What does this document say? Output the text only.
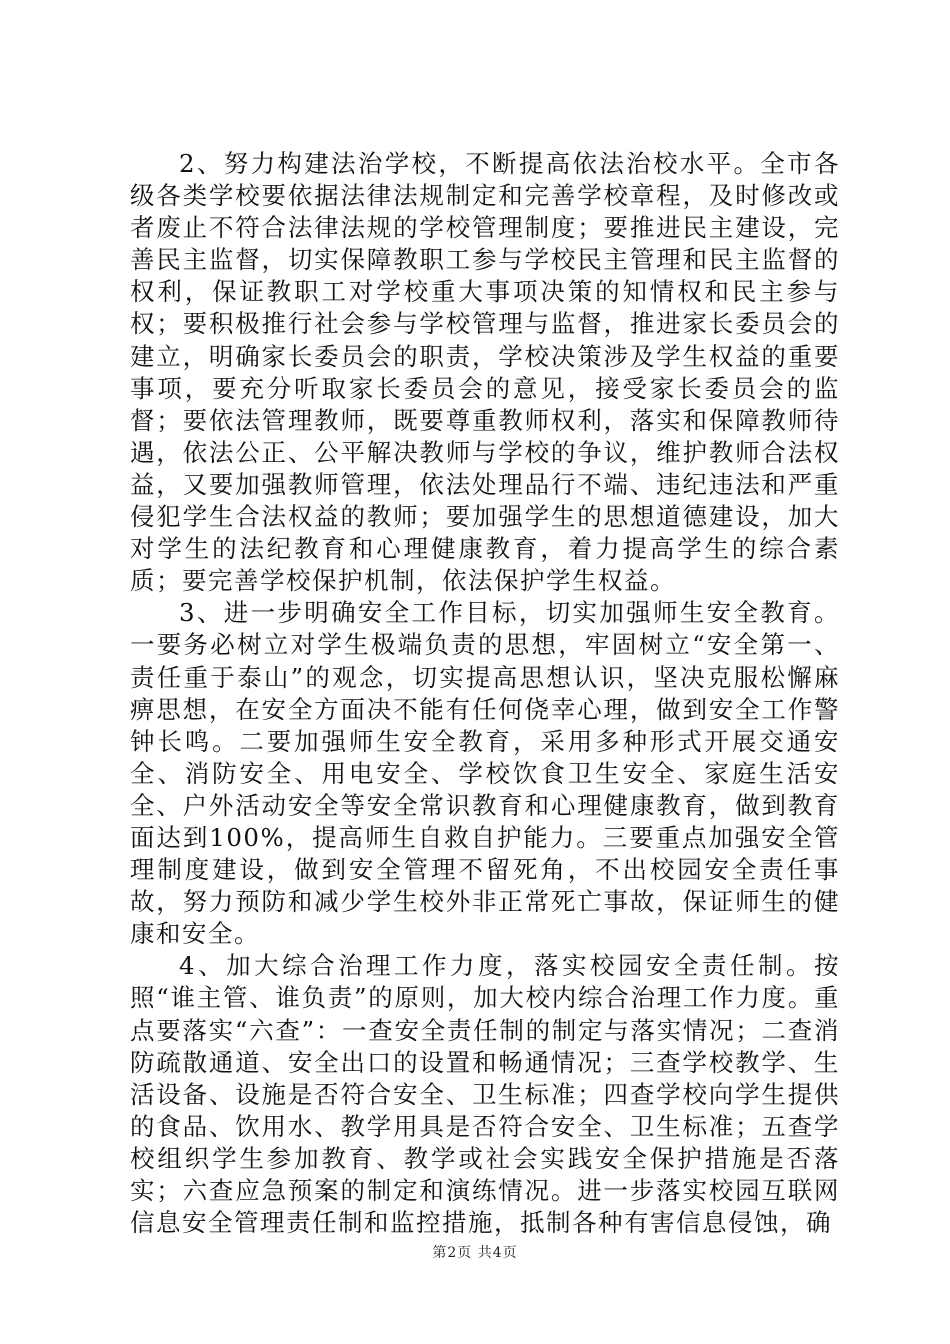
2、努力构建法治学校，不断提高依法治校水平。全市各级各类学校要依据法律法规制定和完善学校章程，及时修改或者废止不符合法律法规的学校管理制度；要推进民主建设，完善民主监督，切实保障教职工参与学校民主管理和民主监督的权利，保证教职工对学校重大事项决策的知情权和民主参与权；要积极推行社会参与学校管理与监督，推进家长委员会的建立，明确家长委员会的职责，学校决策涉及学生权益的重要事项，要充分听取家长委员会的意见，接受家长委员会的监督；要依法管理教师，既要尊重教师权利，落实和保障教师待遇，依法公正、公平解决教师与学校的争议，维护教师合法权益，又要加强教师管理，依法处理品行不端、违纪违法和严重侵犯学生合法权益的教师；要加强学生的思想道德建设，加大对学生的法纪教育和心理健康教育，着力提高学生的综合素质；要完善学校保护机制，依法保护学生权益。

3、进一步明确安全工作目标，切实加强师生安全教育。一要务必树立对学生极端负责的思想，牢固树立“安全第一、责任重于泰山”的观念，切实提高思想认识，坚决克服松懈麻痹思想，在安全方面决不能有任何侥幸心理，做到安全工作警钟长鸣。二要加强师生安全教育，采用多种形式开展交通安全、消防安全、用电安全、学校饮食卫生安全、家庭生活安全、户外活动安全等安全常识教育和心理健康教育，做到教育面达到100%，提高师生自救自护能力。三要重点加强安全管理制度建设，做到安全管理不留死角，不出校园安全责任事故，努力预防和减少学生校外非正常死亡事故，保证师生的健康和安全。

4、加大综合治理工作力度，落实校园安全责任制。按照“谁主管、谁负责”的原则，加大校内综合治理工作力度。重点要落实“六查”：一查安全责任制的制定与落实情况；二查消防疏散通道、安全出口的设置和畅通情况；三查学校教学、生活设备、设施是否符合安全、卫生标准；四查学校向学生提供的食品、饮用水、教学用具是否符合安全、卫生标准；五查学校组织学生参加教育、教学或社会实践安全保护措施是否落实；六查应急预案的制定和演练情况。进一步落实校园互联网信息安全管理责任制和监控措施，抵制各种有害信息侵蚀，确

第2页 共4页
